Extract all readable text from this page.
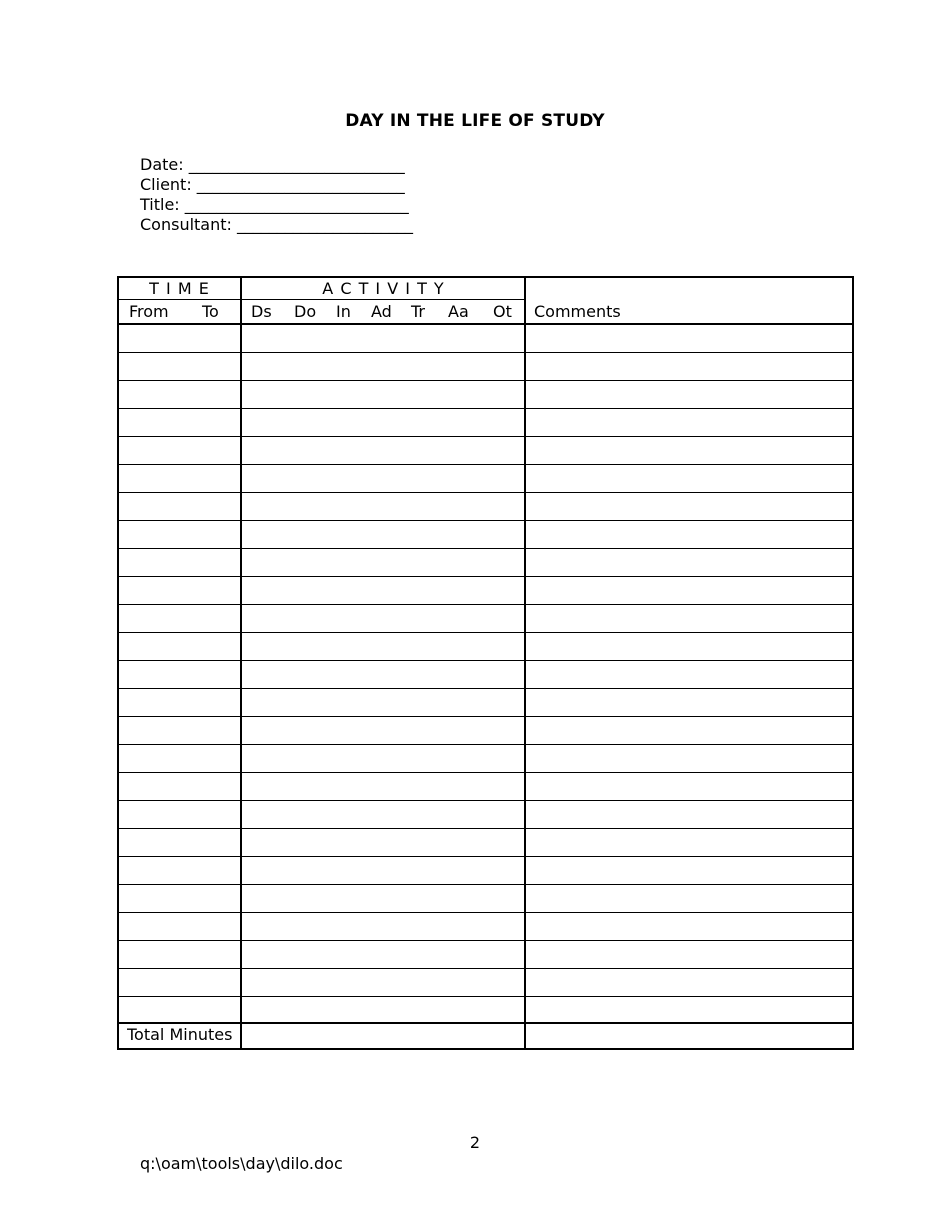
DAY IN THE LIFE OF STUDY
Date: ___________________________
Client: __________________________
Title: ____________________________
Consultant: ______________________
T I M E	A C T I V I T Y
From To Ds Do In Ad Tr Aa Ot Comments
Total Minutes
2
q:\oam\tools\day\dilo.doc
